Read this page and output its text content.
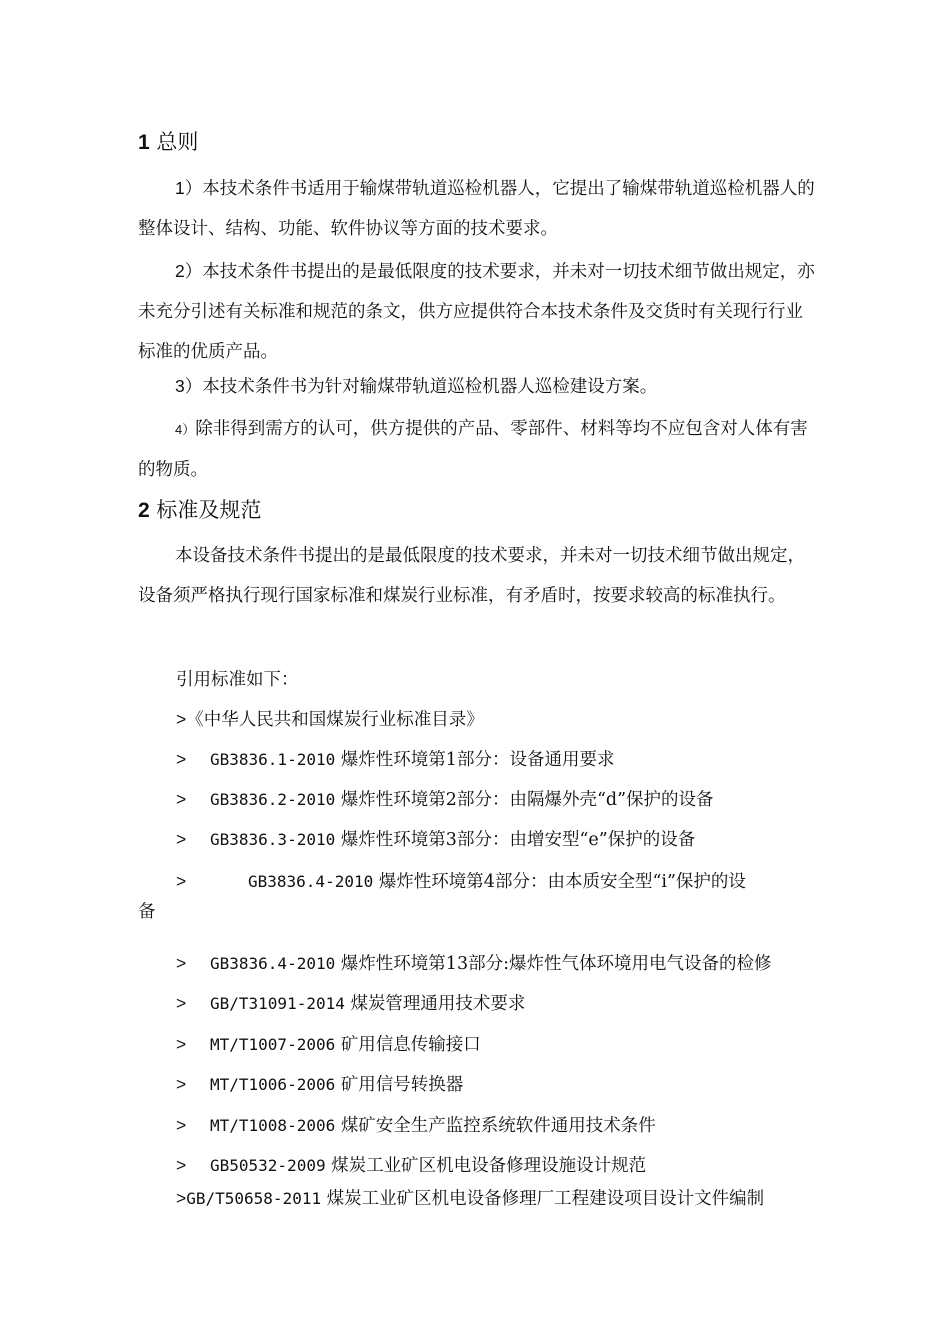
1 总则

1）本技术条件书适用于输煤带轨道巡检机器人，它提出了输煤带轨道巡检机器人的整体设计、结构、功能、软件协议等方面的技术要求。

2）本技术条件书提出的是最低限度的技术要求，并未对一切技术细节做出规定，亦未充分引述有关标准和规范的条文，供方应提供符合本技术条件及交货时有关现行行业标准的优质产品。

3）本技术条件书为针对输煤带轨道巡检机器人巡检建设方案。

4）除非得到需方的认可，供方提供的产品、零部件、材料等均不应包含对人体有害的物质。

2 标准及规范

本设备技术条件书提出的是最低限度的技术要求，并未对一切技术细节做出规定，设备须严格执行现行国家标准和煤炭行业标准，有矛盾时，按要求较高的标准执行。

引用标准如下：

>《中华人民共和国煤炭行业标准目录》

> GB3836.1-2010 爆炸性环境第1部分：设备通用要求

> GB3836.2-2010 爆炸性环境第2部分：由隔爆外壳“d”保护的设备

> GB3836.3-2010 爆炸性环境第3部分：由增安型“e”保护的设备

>	GB3836.4-2010 爆炸性环境第4部分：由本质安全型“i”保护的设

备

> GB3836.4-2010 爆炸性环境第13部分:爆炸性气体环境用电气设备的检修

> GB/T31091-2014 煤炭管理通用技术要求

> MT/T1007-2006 矿用信息传输接口

> MT/T1006-2006 矿用信号转换器

> MT/T1008-2006 煤矿安全生产监控系统软件通用技术条件

> GB50532-2009 煤炭工业矿区机电设备修理设施设计规范

>GB/T50658-2011 煤炭工业矿区机电设备修理厂工程建设项目设计文件编制
